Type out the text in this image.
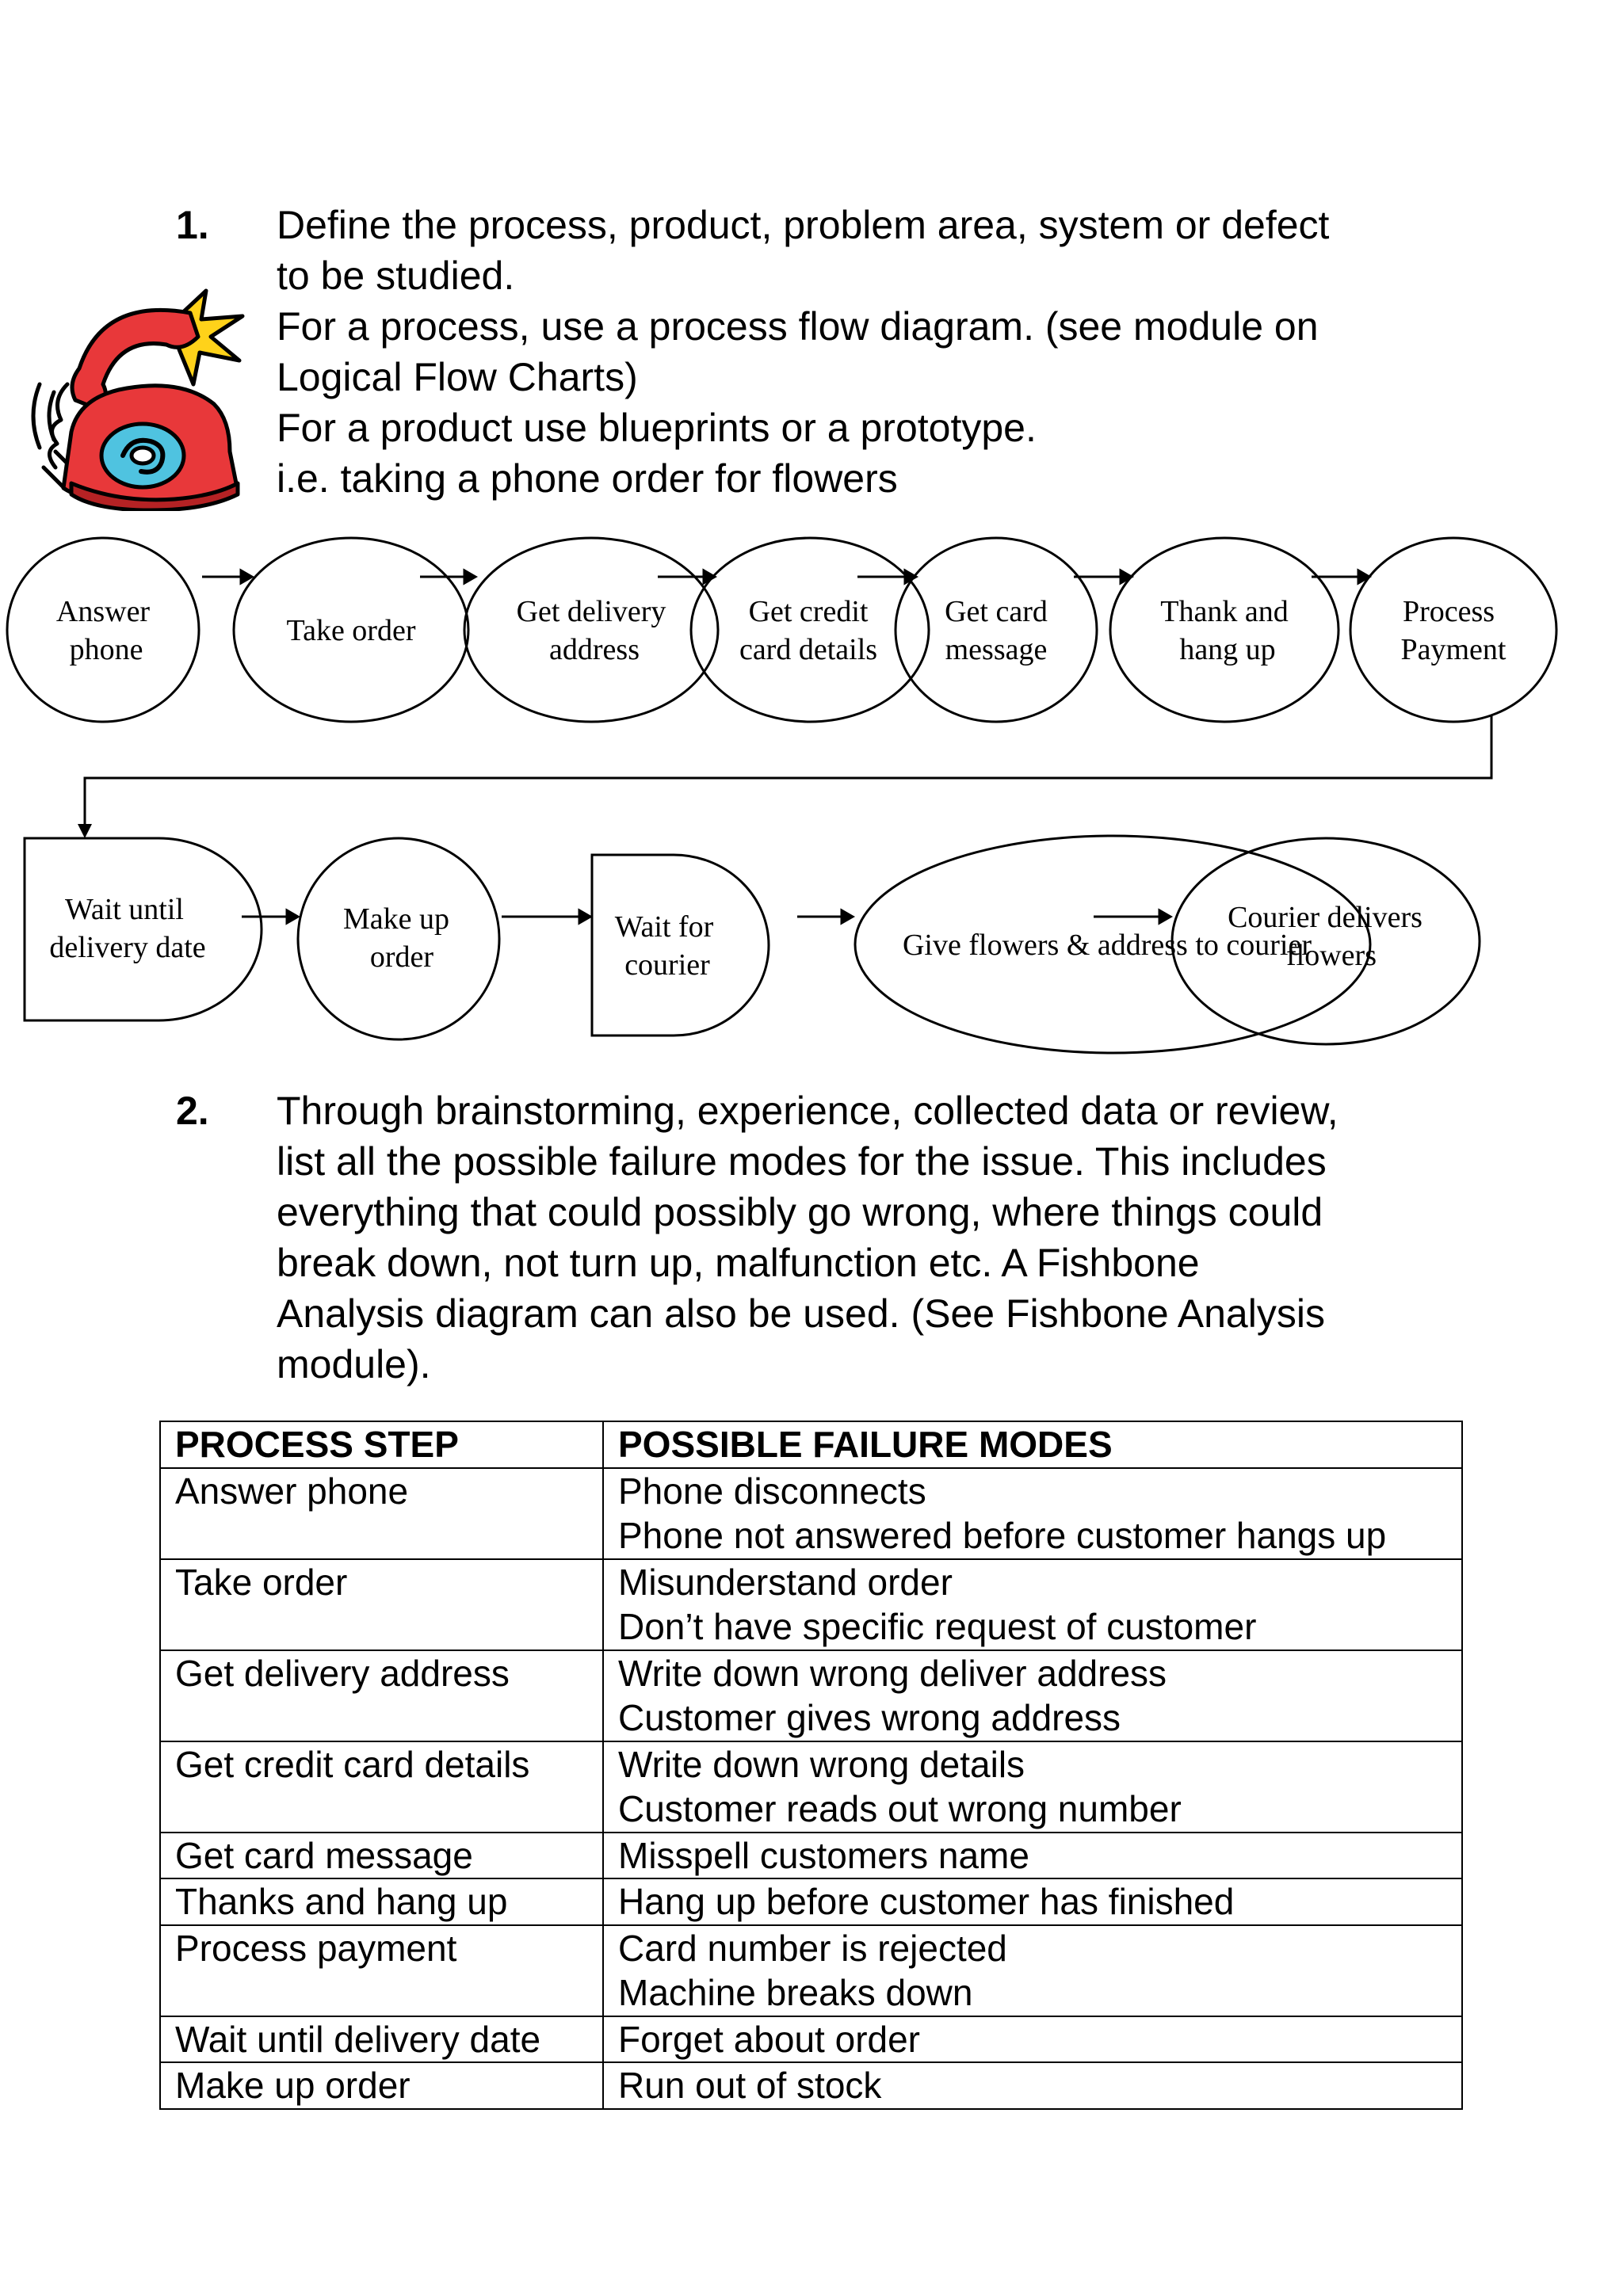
1. Define the process, product, problem area, system or defect
to be studied.
For a process, use a process flow diagram. (see module on
Logical Flow Charts)
For a product use blueprints or a prototype.
i.e. taking a phone order for flowers
Answer
phone
Take order
Get delivery
address
Get credit
card details
Get card
message
Thank and
hang up
Process
Payment
Wait until
delivery date
Make up
order
Wait for
courier
Give flowers & address to courier
Courier delivers
flowers
2. Through brainstorming, experience, collected data or review,
list all the possible failure modes for the issue. This includes
everything that could possibly go wrong, where things could
break down, not turn up, malfunction etc. A Fishbone
Analysis diagram can also be used. (See Fishbone Analysis
module).
PROCESS STEP	POSSIBLE FAILURE MODES
Answer phone	Phone disconnects
Phone not answered before customer hangs up

Take order	Misunderstand order
Don’t have specific request of customer

Get delivery address	Write down wrong deliver address
Customer gives wrong address

Get credit card details	Write down wrong details
Customer reads out wrong number

Get card message	Misspell customers name

Thanks and hang up	Hang up before customer has finished

Process payment	Card number is rejected
Machine breaks down

Wait until delivery date	Forget about order

Make up order	Run out of stock
